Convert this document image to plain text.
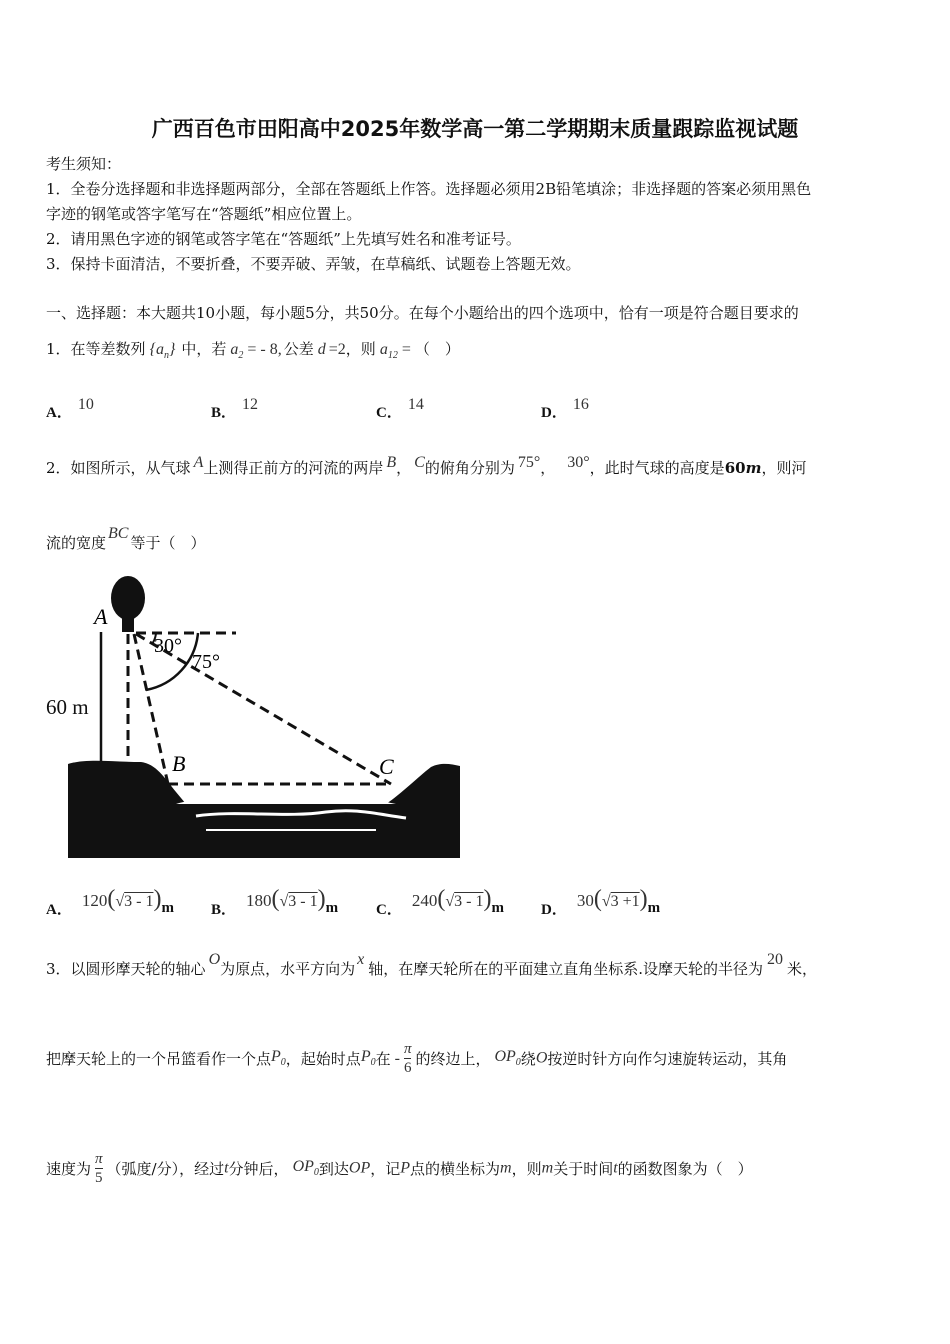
广西百色市田阳高中2025年数学高一第二学期期末质量跟踪监视试题
考生须知：
1．全卷分选择题和非选择题两部分，全部在答题纸上作答。选择题必须用2B铅笔填涂；非选择题的答案必须用黑色
字迹的钢笔或答字笔写在“答题纸”相应位置上。
2．请用黑色字迹的钢笔或答字笔在“答题纸”上先填写姓名和准考证号。
3．保持卡面清洁，不要折叠，不要弄破、弄皱，在草稿纸、试题卷上答题无效。
一、选择题：本大题共10小题，每小题5分，共50分。在每个小题给出的四个选项中，恰有一项是符合题目要求的
1．在等差数列 $\{a_n\}$ 中，若 $a_2$ = - 8, 公差 d =2，则 $a_{12}$ = （　）
A． 10	B． 12	C． 14	D． 16
2．如图所示，从气球 A上测得正前方的河流的两岸 B， C的俯角分别为 75°， 30°，此时气球的高度是60m，则河
流的宽度BC等于（　）
A
B	C
30°
75°
60 m
A． 120(√3 - 1)m B． 180(√3 - 1)m	C． 240(√3 - 1)m D． 30(√3 +1)m
3．以圆形摩天轮的轴心O为原点，水平方向为x轴，在摩天轮所在的平面建立直角坐标系.设摩天轮的半径为20米，
把摩天轮上的一个吊篮看作一个点$P_0$，起始时点$P_0$在 - $\frac{\pi}{6}$ 的终边上， $OP_0$绕O按逆时针方向作匀速旋转运动，其角
速度为 $\frac{\pi}{5}$ （弧度/分），经过t分钟后， $OP_0$到达OP，记P点的横坐标为m，则m关于时间t的函数图象为（　）
